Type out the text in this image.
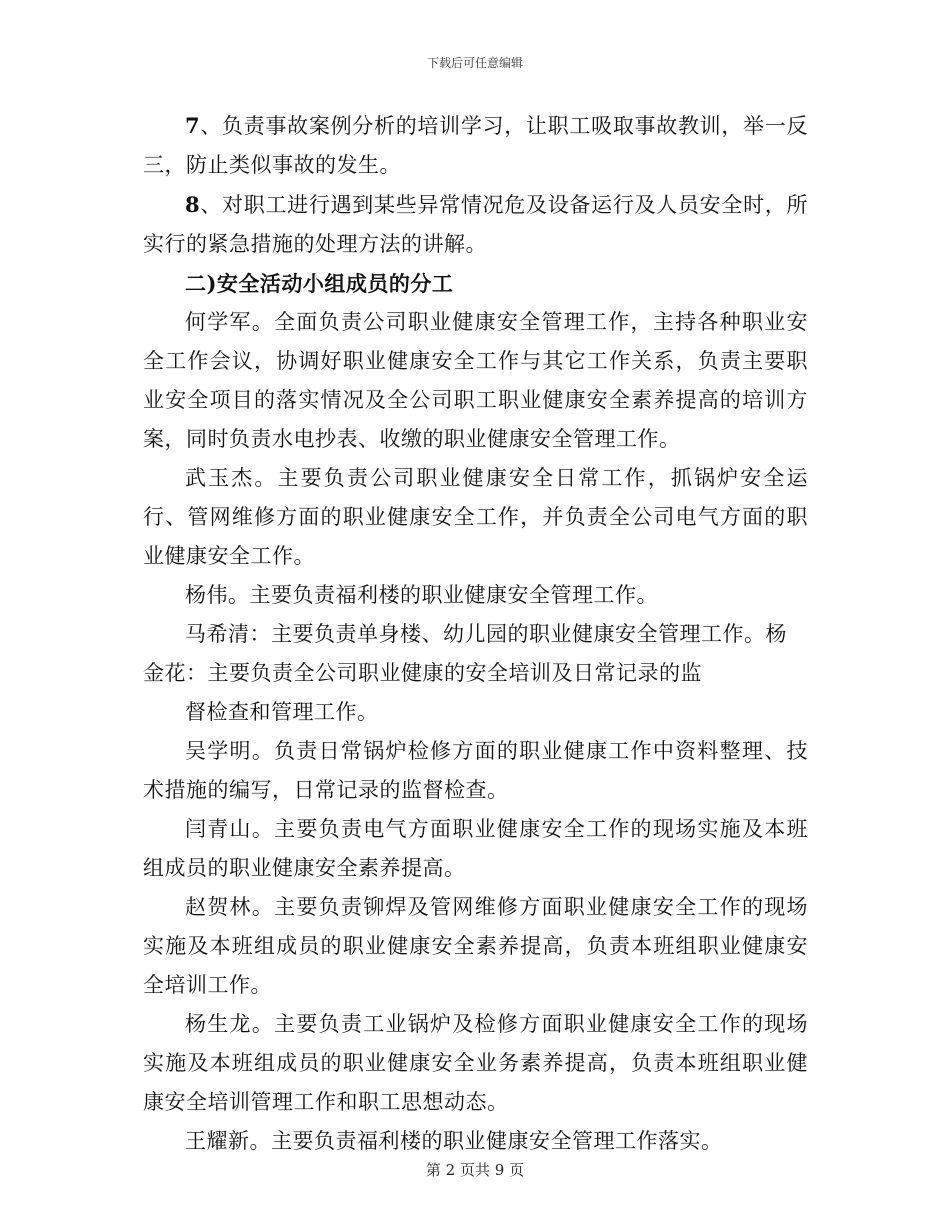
下载后可任意编辑

7、负责事故案例分析的培训学习，让职工吸取事故教训，举一反三，防止类似事故的发生。

8、对职工进行遇到某些异常情况危及设备运行及人员安全时，所实行的紧急措施的处理方法的讲解。

二)安全活动小组成员的分工

何学军。全面负责公司职业健康安全管理工作，主持各种职业安全工作会议，协调好职业健康安全工作与其它工作关系，负责主要职业安全项目的落实情况及全公司职工职业健康安全素养提高的培训方案，同时负责水电抄表、收缴的职业健康安全管理工作。

武玉杰。主要负责公司职业健康安全日常工作，抓锅炉安全运行、管网维修方面的职业健康安全工作，并负责全公司电气方面的职业健康安全工作。

杨伟。主要负责福利楼的职业健康安全管理工作。

马希清：主要负责单身楼、幼儿园的职业健康安全管理工作。杨

金花：主要负责全公司职业健康的安全培训及日常记录的监

督检查和管理工作。

吴学明。负责日常锅炉检修方面的职业健康工作中资料整理、技术措施的编写，日常记录的监督检查。

闫青山。主要负责电气方面职业健康安全工作的现场实施及本班组成员的职业健康安全素养提高。

赵贺林。主要负责铆焊及管网维修方面职业健康安全工作的现场实施及本班组成员的职业健康安全素养提高，负责本班组职业健康安全培训工作。

杨生龙。主要负责工业锅炉及检修方面职业健康安全工作的现场实施及本班组成员的职业健康安全业务素养提高，负责本班组职业健康安全培训管理工作和职工思想动态。

王耀新。主要负责福利楼的职业健康安全管理工作落实。

第 2 页共 9 页
